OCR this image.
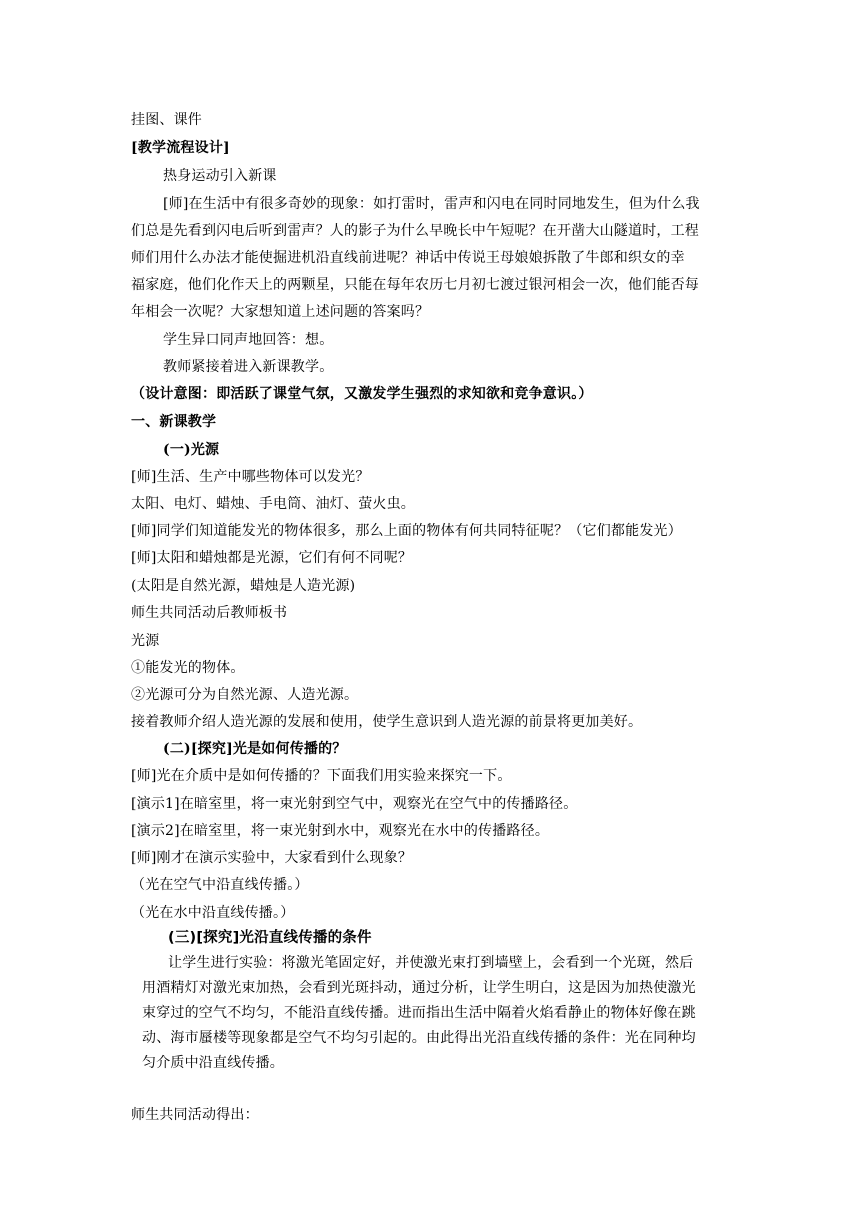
挂图、课件
[教学流程设计]
热身运动引入新课
[师]在生活中有很多奇妙的现象：如打雷时，雷声和闪电在同时同地发生，但为什么我
们总是先看到闪电后听到雷声？人的影子为什么早晚长中午短呢？在开凿大山隧道时，工程
师们用什么办法才能使掘进机沿直线前进呢？神话中传说王母娘娘拆散了牛郎和织女的幸
福家庭，他们化作天上的两颗星，只能在每年农历七月初七渡过银河相会一次，他们能否每
年相会一次呢？大家想知道上述问题的答案吗？
学生异口同声地回答：想。
教师紧接着进入新课教学。
（设计意图：即活跃了课堂气氛，又激发学生强烈的求知欲和竞争意识。）
一、新课教学
(一)光源
[师]生活、生产中哪些物体可以发光？
太阳、电灯、蜡烛、手电筒、油灯、萤火虫。
[师]同学们知道能发光的物体很多，那么上面的物体有何共同特征呢？（它们都能发光）
[师]太阳和蜡烛都是光源，它们有何不同呢？
(太阳是自然光源，蜡烛是人造光源)
师生共同活动后教师板书
光源
①能发光的物体。
②光源可分为自然光源、人造光源。
接着教师介绍人造光源的发展和使用，使学生意识到人造光源的前景将更加美好。
(二)[探究]光是如何传播的？
[师]光在介质中是如何传播的？下面我们用实验来探究一下。
[演示1]在暗室里，将一束光射到空气中，观察光在空气中的传播路径。
[演示2]在暗室里，将一束光射到水中，观察光在水中的传播路径。
[师]刚才在演示实验中，大家看到什么现象？
（光在空气中沿直线传播。）
（光在水中沿直线传播。）
(三)[探究]光沿直线传播的条件
让学生进行实验：将激光笔固定好，并使激光束打到墙壁上，会看到一个光斑，然后
用酒精灯对激光束加热，会看到光斑抖动，通过分析，让学生明白，这是因为加热使激光
束穿过的空气不均匀，不能沿直线传播。进而指出生活中隔着火焰看静止的物体好像在跳
动、海市蜃楼等现象都是空气不均匀引起的。由此得出光沿直线传播的条件：光在同种均
匀介质中沿直线传播。
师生共同活动得出：
